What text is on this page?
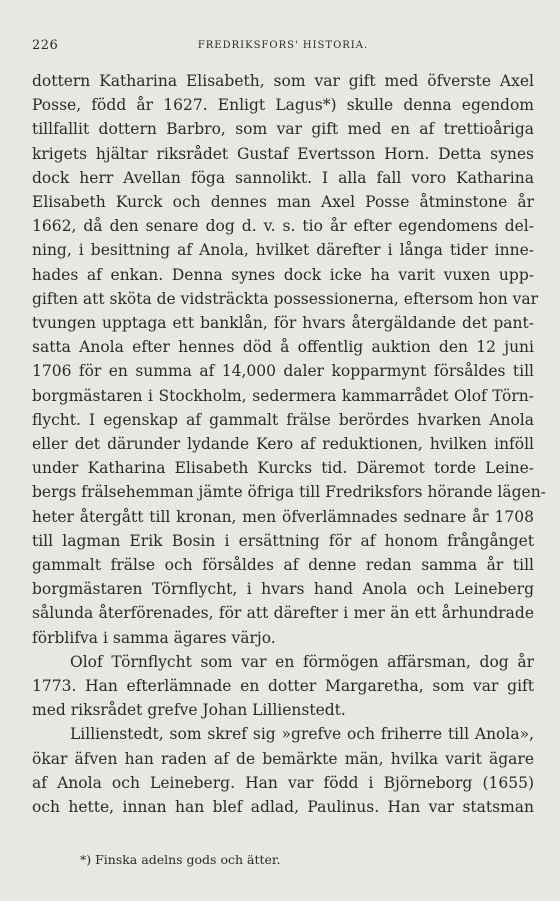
226	FREDRIKSFORS' HISTORIA.
dottern Katharina Elisabeth, som var gift med öfverste Axel
Posse, född år 1627. Enligt Lagus*) skulle denna egendom
tillfallit dottern Barbro, som var gift med en af trettioåriga
krigets hjältar riksrådet Gustaf Evertsson Horn. Detta synes
dock herr Avellan föga sannolikt. I alla fall voro Katharina
Elisabeth Kurck och dennes man Axel Posse åtminstone år
1662, då den senare dog d. v. s. tio år efter egendomens del-
ning, i besittning af Anola, hvilket därefter i långa tider inne-
hades af enkan. Denna synes dock icke ha varit vuxen upp-
giften att sköta de vidsträckta possessionerna, eftersom hon var
tvungen upptaga ett banklån, för hvars återgäldande det pant-
satta Anola efter hennes död å offentlig auktion den 12 juni
1706 för en summa af 14,000 daler kopparmynt försåldes till
borgmästaren i Stockholm, sedermera kammarrådet Olof Törn-
flycht. I egenskap af gammalt frälse berördes hvarken Anola
eller det därunder lydande Kero af reduktionen, hvilken inföll
under Katharina Elisabeth Kurcks tid. Däremot torde Leine-
bergs frälsehemman jämte öfriga till Fredriksfors hörande lägen-
heter återgått till kronan, men öfverlämnades sednare år 1708
till lagman Erik Bosin i ersättning för af honom frångånget
gammalt frälse och försåldes af denne redan samma år till
borgmästaren Törnflycht, i hvars hand Anola och Leineberg
sålunda återförenades, för att därefter i mer än ett århundrade
förblifva i samma ägares värjo.
Olof Törnflycht som var en förmögen affärsman, dog år
1773. Han efterlämnade en dotter Margaretha, som var gift
med riksrådet grefve Johan Lillienstedt.
Lillienstedt, som skref sig »grefve och friherre till Anola»,
ökar äfven han raden af de bemärkte män, hvilka varit ägare
af Anola och Leineberg. Han var född i Björneborg (1655)
och hette, innan han blef adlad, Paulinus. Han var statsman
*) Finska adelns gods och ätter.
